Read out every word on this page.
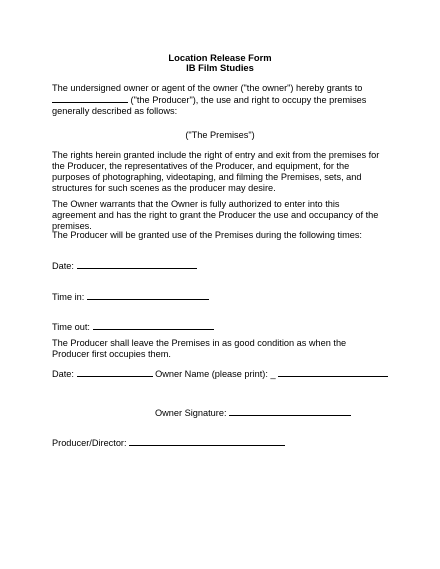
Location Release Form
IB Film Studies
The undersigned owner or agent of the owner ("the owner") hereby grants to
("the Producer"), the use and right to occupy the premises
generally described as follows:
("The Premises")
The rights herein granted include the right of entry and exit from the premises for the Producer, the representatives of the Producer, and equipment, for the purposes of photographing, videotaping, and filming the Premises, sets, and structures for such scenes as the producer may desire.
The Owner warrants that the Owner is fully authorized to enter into this agreement and has the right to grant the Producer the use and occupancy of the premises.
The Producer will be granted use of the Premises during the following times:
Date:
Time in:
Time out:
The Producer shall leave the Premises in as good condition as when the Producer first occupies them.
Date:	Owner Name (please print): _
Owner Signature:
Producer/Director:
